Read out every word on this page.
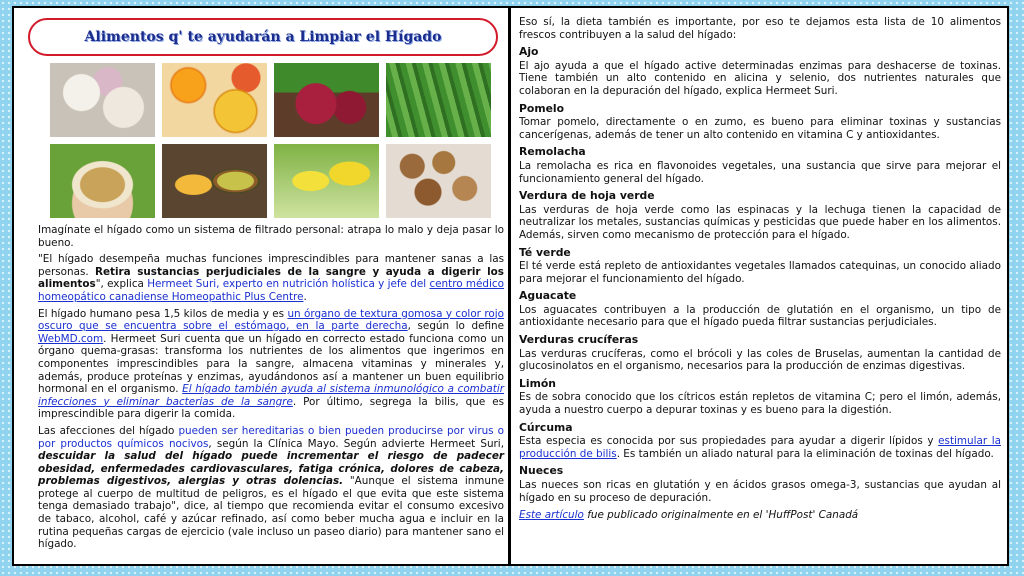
Alimentos q' te ayudarán a Limpiar el Hígado

Imagínate el hígado como un sistema de filtrado personal: atrapa lo malo y deja pasar lo bueno.

"El hígado desempeña muchas funciones imprescindibles para mantener sanas a las personas. Retira sustancias perjudiciales de la sangre y ayuda a digerir los alimentos", explica Hermeet Suri, experto en nutrición holística y jefe del centro médico homeopático canadiense Homeopathic Plus Centre.

El hígado humano pesa 1,5 kilos de media y es un órgano de textura gomosa y color rojo oscuro que se encuentra sobre el estómago, en la parte derecha, según lo define WebMD.com. Hermeet Suri cuenta que un hígado en correcto estado funciona como un órgano quema-grasas: transforma los nutrientes de los alimentos que ingerimos en componentes imprescindibles para la sangre, almacena vitaminas y minerales y, además, produce proteínas y enzimas, ayudándonos así a mantener un buen equilibrio hormonal en el organismo. El hígado también ayuda al sistema inmunológico a combatir infecciones y eliminar bacterias de la sangre. Por último, segrega la bilis, que es imprescindible para digerir la comida.

Las afecciones del hígado pueden ser hereditarias o bien pueden producirse por virus o por productos químicos nocivos, según la Clínica Mayo. Según advierte Hermeet Suri, descuidar la salud del hígado puede incrementar el riesgo de padecer obesidad, enfermedades cardiovasculares, fatiga crónica, dolores de cabeza, problemas digestivos, alergias y otras dolencias. "Aunque el sistema inmune protege al cuerpo de multitud de peligros, es el hígado el que evita que este sistema tenga demasiado trabajo", dice, al tiempo que recomienda evitar el consumo excesivo de tabaco, alcohol, café y azúcar refinado, así como beber mucha agua e incluir en la rutina pequeñas cargas de ejercicio (vale incluso un paseo diario) para mantener sano el hígado.

Eso sí, la dieta también es importante, por eso te dejamos esta lista de 10 alimentos frescos contribuyen a la salud del hígado:

Ajo

El ajo ayuda a que el hígado active determinadas enzimas para deshacerse de toxinas. Tiene también un alto contenido en alicina y selenio, dos nutrientes naturales que colaboran en la depuración del hígado, explica Hermeet Suri.

Pomelo

Tomar pomelo, directamente o en zumo, es bueno para eliminar toxinas y sustancias cancerígenas, además de tener un alto contenido en vitamina C y antioxidantes.

Remolacha

La remolacha es rica en flavonoides vegetales, una sustancia que sirve para mejorar el funcionamiento general del hígado.

Verdura de hoja verde

Las verduras de hoja verde como las espinacas y la lechuga tienen la capacidad de neutralizar los metales, sustancias químicas y pesticidas que puede haber en los alimentos. Además, sirven como mecanismo de protección para el hígado.

Té verde

El té verde está repleto de antioxidantes vegetales llamados catequinas, un conocido aliado para mejorar el funcionamiento del hígado.

Aguacate

Los aguacates contribuyen a la producción de glutatión en el organismo, un tipo de antioxidante necesario para que el hígado pueda filtrar sustancias perjudiciales.

Verduras crucíferas

Las verduras crucíferas, como el brócoli y las coles de Bruselas, aumentan la cantidad de glucosinolatos en el organismo, necesarios para la producción de enzimas digestivas.

Limón

Es de sobra conocido que los cítricos están repletos de vitamina C; pero el limón, además, ayuda a nuestro cuerpo a depurar toxinas y es bueno para la digestión.

Cúrcuma

Esta especia es conocida por sus propiedades para ayudar a digerir lípidos y estimular la producción de bilis. Es también un aliado natural para la eliminación de toxinas del hígado.

Nueces

Las nueces son ricas en glutatión y en ácidos grasos omega-3, sustancias que ayudan al hígado en su proceso de depuración.

Este artículo fue publicado originalmente en el 'HuffPost' Canadá
